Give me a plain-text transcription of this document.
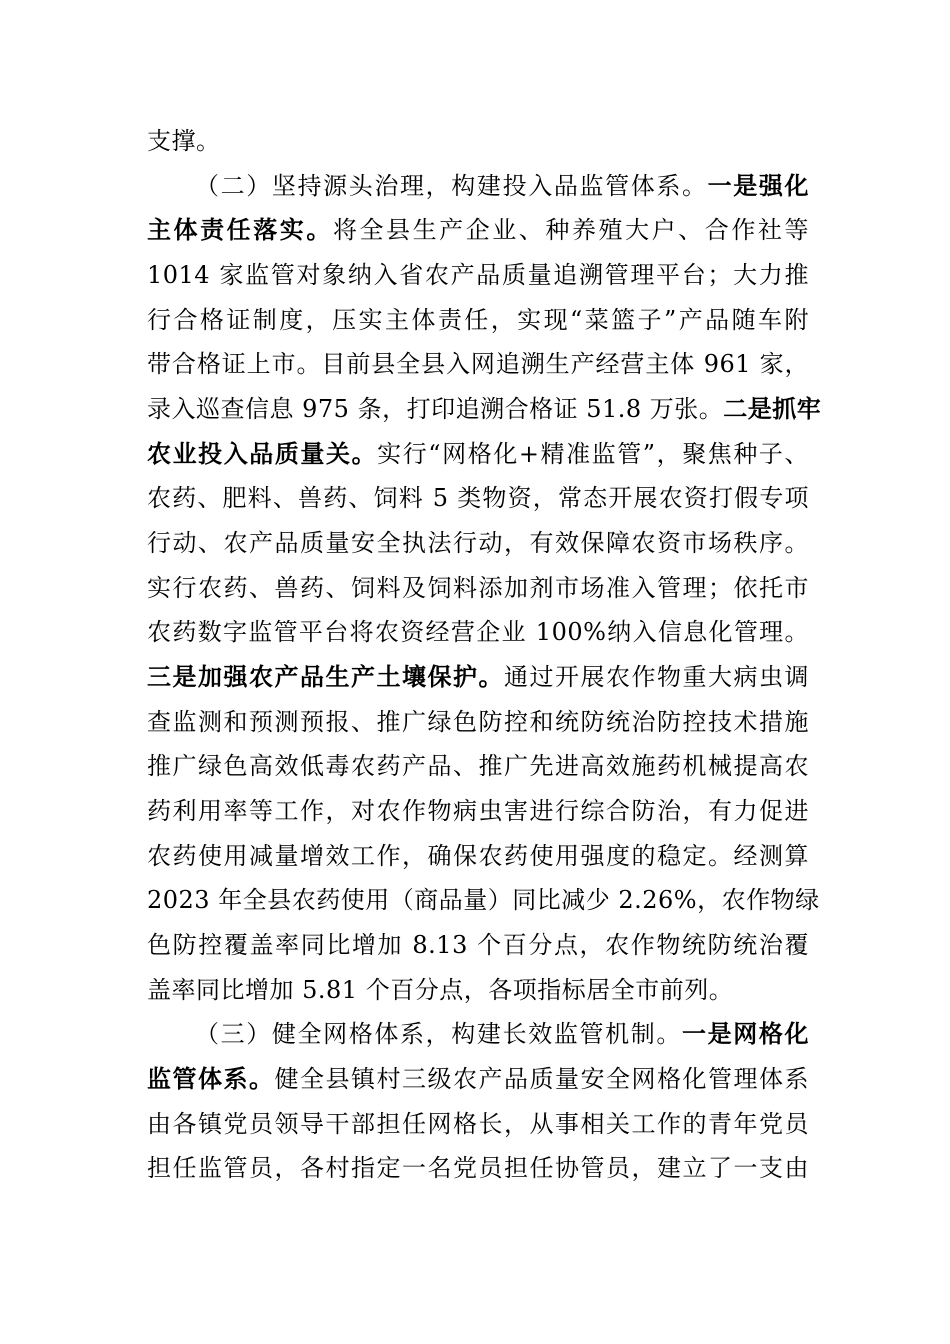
支撑。
（二）坚持源头治理，构建投入品监管体系。一是强化
主体责任落实。将全县生产企业、种养殖大户、合作社等
1014 家监管对象纳入省农产品质量追溯管理平台；大力推
行合格证制度，压实主体责任，实现“菜篮子”产品随车附
带合格证上市。目前县全县入网追溯生产经营主体 961 家，
录入巡查信息 975 条，打印追溯合格证 51.8 万张。二是抓牢
农业投入品质量关。实行“网格化+精准监管”，聚焦种子、
农药、肥料、兽药、饲料 5 类物资，常态开展农资打假专项
行动、农产品质量安全执法行动，有效保障农资市场秩序。
实行农药、兽药、饲料及饲料添加剂市场准入管理；依托市
农药数字监管平台将农资经营企业 100%纳入信息化管理。
三是加强农产品生产土壤保护。通过开展农作物重大病虫调
查监测和预测预报、推广绿色防控和统防统治防控技术措施
推广绿色高效低毒农药产品、推广先进高效施药机械提高农
药利用率等工作，对农作物病虫害进行综合防治，有力促进
农药使用减量增效工作，确保农药使用强度的稳定。经测算
2023 年全县农药使用（商品量）同比减少 2.26%，农作物绿
色防控覆盖率同比增加 8.13 个百分点，农作物统防统治覆
盖率同比增加 5.81 个百分点，各项指标居全市前列。
（三）健全网格体系，构建长效监管机制。一是网格化
监管体系。健全县镇村三级农产品质量安全网格化管理体系
由各镇党员领导干部担任网格长，从事相关工作的青年党员
担任监管员，各村指定一名党员担任协管员，建立了一支由
